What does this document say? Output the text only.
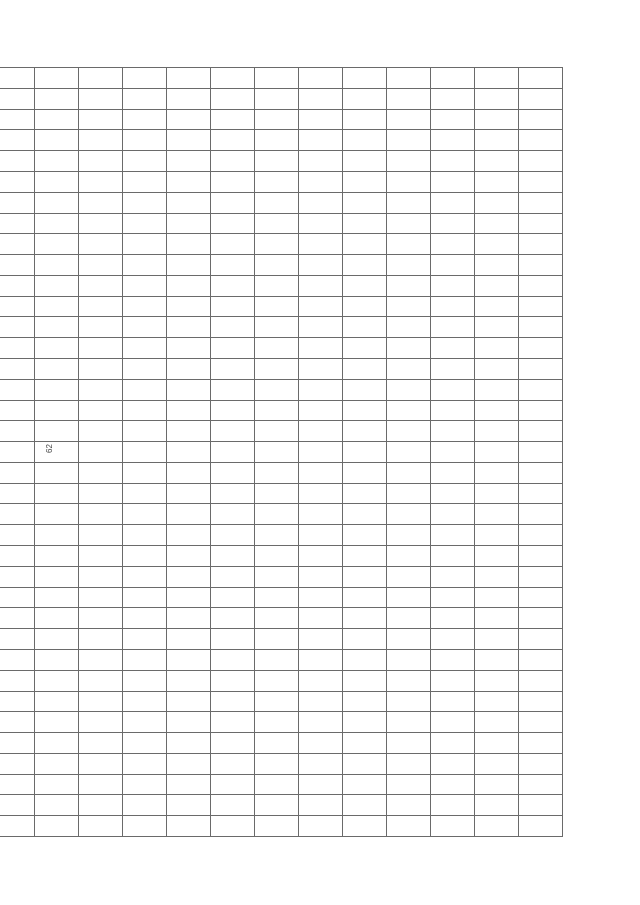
62
